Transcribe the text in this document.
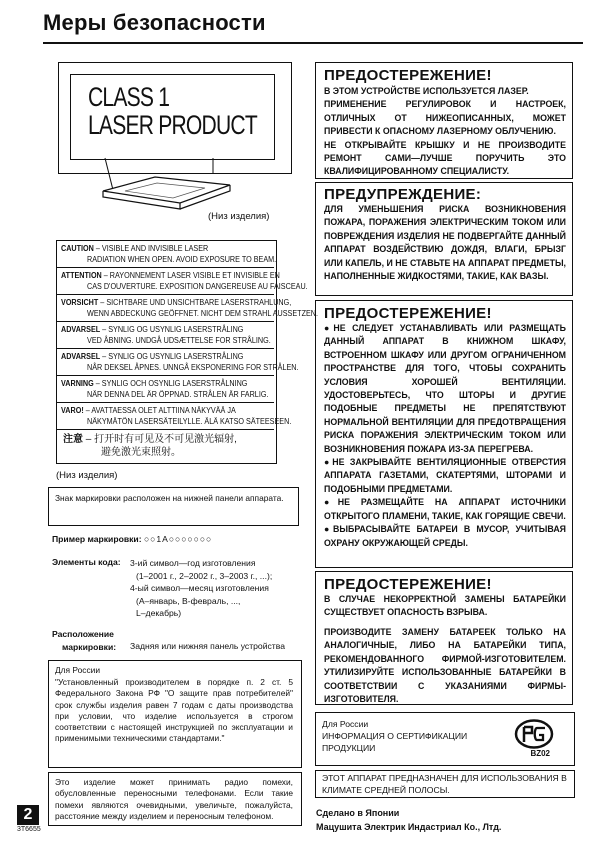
Меры безопасности
CLASS 1
LASER PRODUCT
(Низ изделия)
CAUTION – VISIBLE AND INVISIBLE LASER
RADIATION WHEN OPEN. AVOID EXPOSURE TO BEAM.
ATTENTION – RAYONNEMENT LASER VISIBLE ET INVISIBLE EN
CAS D'OUVERTURE. EXPOSITION DANGEREUSE AU FAISCEAU.
VORSICHT – SICHTBARE UND UNSICHTBARE LASERSTRAHLUNG,
WENN ABDECKUNG GEÖFFNET. NICHT DEM STRAHL AUSSETZEN.
ADVARSEL – SYNLIG OG USYNLIG LASERSTRÅLING
VED ÅBNING. UNDGÅ UDSÆTTELSE FOR STRÅLING.
ADVARSEL – SYNLIG OG USYNLIG LASERSTRÅLING
NÅR DEKSEL ÅPNES. UNNGÅ EKSPONERING FOR STRÅLEN.
VARNING – SYNLIG OCH OSYNLIG LASERSTRÅLNING
NÄR DENNA DEL ÄR ÖPPNAD. STRÅLEN ÄR FARLIG.
VARO! – AVATTAESSA OLET ALTTIINA NÄKYVÄÄ JA
NÄKYMÄTÖN LASERSÄTEILYLLE. ÄLÄ KATSO SÄTEESEEN.
注意 – 打开时有可见及不可见激光辐射,
避免激光束照射。
(Низ изделия)
Знак маркировки расположен на нижней панели аппарата.
Пример маркировки: ○○1A○○○○○○○
Элементы кода: 3-ий символ—год изготовления
(1–2001 г., 2–2002 г., 3–2003 г., ...);
4-ый символ—месяц изготовления
(А–январь, В-февраль, ...,
L–декабрь)
Расположение
маркировки: Задняя или нижняя панель устройства
Для России
"Установленный производителем в порядке п. 2 ст. 5 Федерального Закона РФ "О защите прав потребителей" срок службы изделия равен 7 годам с даты производства при условии, что изделие используется в строгом соответствии с настоящей инструкцией по эксплуатации и применимыми техническими стандартами."
Это изделие может принимать радио помехи, обусловленные переносными телефонами. Если такие помехи являются очевидными, увеличьте, пожалуйста, расстояние между изделием и переносным телефоном.
2
3T6655
ПРЕДОСТЕРЕЖЕНИЕ!
В ЭТОМ УСТРОЙСТВЕ ИСПОЛЬЗУЕТСЯ ЛАЗЕР.
ПРИМЕНЕНИЕ РЕГУЛИРОВОК И НАСТРОЕК, ОТЛИЧНЫХ ОТ НИЖЕОПИСАННЫХ, МОЖЕТ ПРИВЕСТИ К ОПАСНОМУ ЛАЗЕРНОМУ ОБЛУЧЕНИЮ.
НЕ ОТКРЫВАЙТЕ КРЫШКУ И НЕ ПРОИЗВОДИТЕ РЕМОНТ САМИ—ЛУЧШЕ ПОРУЧИТЬ ЭТО КВАЛИФИЦИРОВАННОМУ СПЕЦИАЛИСТУ.
ПРЕДУПРЕЖДЕНИЕ:
ДЛЯ УМЕНЬШЕНИЯ РИСКА ВОЗНИКНОВЕНИЯ ПОЖАРА, ПОРАЖЕНИЯ ЭЛЕКТРИЧЕСКИМ ТОКОМ ИЛИ ПОВРЕЖДЕНИЯ ИЗДЕЛИЯ НЕ ПОДВЕРГАЙТЕ ДАННЫЙ АППАРАТ ВОЗДЕЙСТВИЮ ДОЖДЯ, ВЛАГИ, БРЫЗГ ИЛИ КАПЕЛЬ, И НЕ СТАВЬТЕ НА АППАРАТ ПРЕДМЕТЫ, НАПОЛНЕННЫЕ ЖИДКОСТЯМИ, ТАКИЕ, КАК ВАЗЫ.
ПРЕДОСТЕРЕЖЕНИЕ!
●НЕ СЛЕДУЕТ УСТАНАВЛИВАТЬ ИЛИ РАЗМЕЩАТЬ ДАННЫЙ АППАРАТ В КНИЖНОМ ШКАФУ, ВСТРОЕННОМ ШКАФУ ИЛИ ДРУГОМ ОГРАНИЧЕННОМ ПРОСТРАНСТВЕ ДЛЯ ТОГО, ЧТОБЫ СОХРАНИТЬ УСЛОВИЯ ХОРОШЕЙ ВЕНТИЛЯЦИИ. УДОСТОВЕРЬТЕСЬ, ЧТО ШТОРЫ И ДРУГИЕ ПОДОБНЫЕ ПРЕДМЕТЫ НЕ ПРЕПЯТСТВУЮТ НОРМАЛЬНОЙ ВЕНТИЛЯЦИИ ДЛЯ ПРЕДОТВРАЩЕНИЯ РИСКА ПОРАЖЕНИЯ ЭЛЕКТРИЧЕСКИМ ТОКОМ ИЛИ ВОЗНИКНОВЕНИЯ ПОЖАРА ИЗ-ЗА ПЕРЕГРЕВА.
●НЕ ЗАКРЫВАЙТЕ ВЕНТИЛЯЦИОННЫЕ ОТВЕРСТИЯ АППАРАТА ГАЗЕТАМИ, СКАТЕРТЯМИ, ШТОРАМИ И ПОДОБНЫМИ ПРЕДМЕТАМИ.
●НЕ РАЗМЕЩАЙТЕ НА АППАРАТ ИСТОЧНИКИ ОТКРЫТОГО ПЛАМЕНИ, ТАКИЕ, КАК ГОРЯЩИЕ СВЕЧИ.
●ВЫБРАСЫВАЙТЕ БАТАРЕИ В МУСОР, УЧИТЫВАЯ ОХРАНУ ОКРУЖАЮЩЕЙ СРЕДЫ.
ПРЕДОСТЕРЕЖЕНИЕ!
В СЛУЧАЕ НЕКОРРЕКТНОЙ ЗАМЕНЫ БАТАРЕЙКИ СУЩЕСТВУЕТ ОПАСНОСТЬ ВЗРЫВА.
ПРОИЗВОДИТЕ ЗАМЕНУ БАТАРЕЕК ТОЛЬКО НА АНАЛОГИЧНЫЕ, ЛИБО НА БАТАРЕЙКИ ТИПА, РЕКОМЕНДОВАННОГО ФИРМОЙ-ИЗГОТОВИТЕЛЕМ. УТИЛИЗИРУЙТЕ ИСПОЛЬЗОВАННЫЕ БАТАРЕЙКИ В СООТВЕТСТВИИ С УКАЗАНИЯМИ ФИРМЫ-ИЗГОТОВИТЕЛЯ.
Для России
ИНФОРМАЦИЯ О СЕРТИФИКАЦИИ
ПРОДУКЦИИ
BZ02
ЭТОТ АППАРАТ ПРЕДНАЗНАЧЕН ДЛЯ ИСПОЛЬЗОВАНИЯ В КЛИМАТЕ СРЕДНЕЙ ПОЛОСЫ.
Сделано в Японии
Мацушита Электрик Индастриал Ко., Лтд.
